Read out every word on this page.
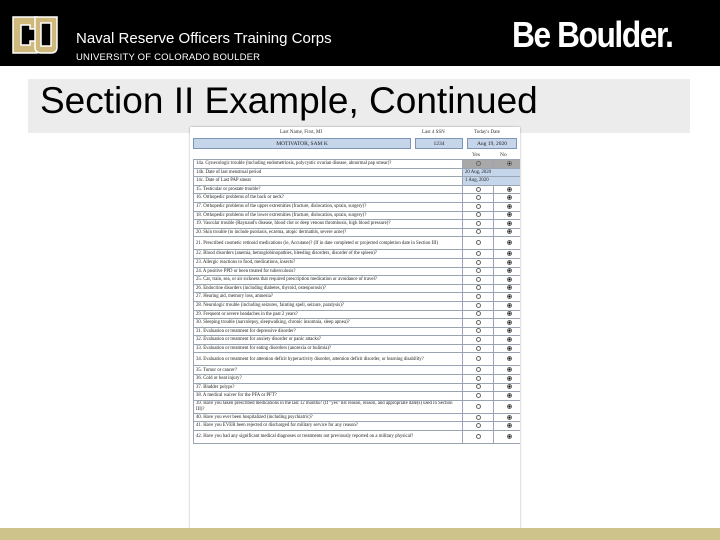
Naval Reserve Officers Training Corps
UNIVERSITY OF COLORADO BOULDER
Be Boulder.
Section II Example, Continued
Last Name, First, MI	Last 4 SSN	Today's Date
MOTIVATOR, SAM K	1234	Aug 19, 2020
Yes	No
14a. Gynecologic trouble (including endometriosis, polycystic ovarian disease, abnormal pap smear)?		
14b. Date of last menstrual period	20 Aug, 2020	
14c. Date of Last PAP smear	1 Aug, 2020	
15. Testicular or prostate trouble?		
16. Orthopedic problems of the back or neck?		
17. Orthopedic problems of the upper extremities (fracture, dislocation, sprain, surgery)?		
18. Orthopedic problems of the lower extremities (fracture, dislocation, sprain, surgery)?		
19. Vascular trouble (Raynaud's disease, blood clot or deep venous thrombosis, high blood pressure)?		
20. Skin trouble (to include psoriasis, eczema, atopic dermatitis, severe acne)?		
21. Prescribed cosmetic retinoid medications (ie, Accutane)? (If in date completed or projected completion date in Section III)		
22. Blood disorders (anemia, hemoglobinopathies, bleeding disorders, disorder of the spleen)?		
23. Allergic reactions to food, medications, insects?		
24. A positive PPD or been treated for tuberculosis?		
25. Car, train, sea, or air sickness that required prescription medication or avoidance of travel?		
26. Endocrine disorders (including diabetes, thyroid, osteoporosis)?		
27. Hearing aid, memory loss, amnesia?		
28. Neurologic trouble (including seizures, fainting spell, seizure, paralysis)?		
29. Frequent or severe headaches in the past 2 years?		
30. Sleeping trouble (narcolepsy, sleepwalking, chronic insomnia, sleep apnea)?		
31. Evaluation or treatment for depressive disorder?		
32. Evaluation or treatment for anxiety disorder or panic attacks?		
33. Evaluation or treatment for eating disorders (anorexia or bulimia)?		
34. Evaluation or treatment for attention deficit hyperactivity disorder, attention deficit disorder, or learning disability?		
35. Tumor or cancer?		
36. Cold or heat injury?		
37. Bladder polyps?		
38. A medical waiver for the PFA or PFT?		
39. Have you taken prescribed medications in the last 12 months? (If "yes" list reason, reason, and appropriate date(s) used in Section III)?		
40. Have you ever been hospitalized (including psychiatric)?		
41. Have you EVER been rejected or discharged for military service for any reason?		
42. Have you had any significant medical diagnoses or treatments not previously reported on a military physical?		
